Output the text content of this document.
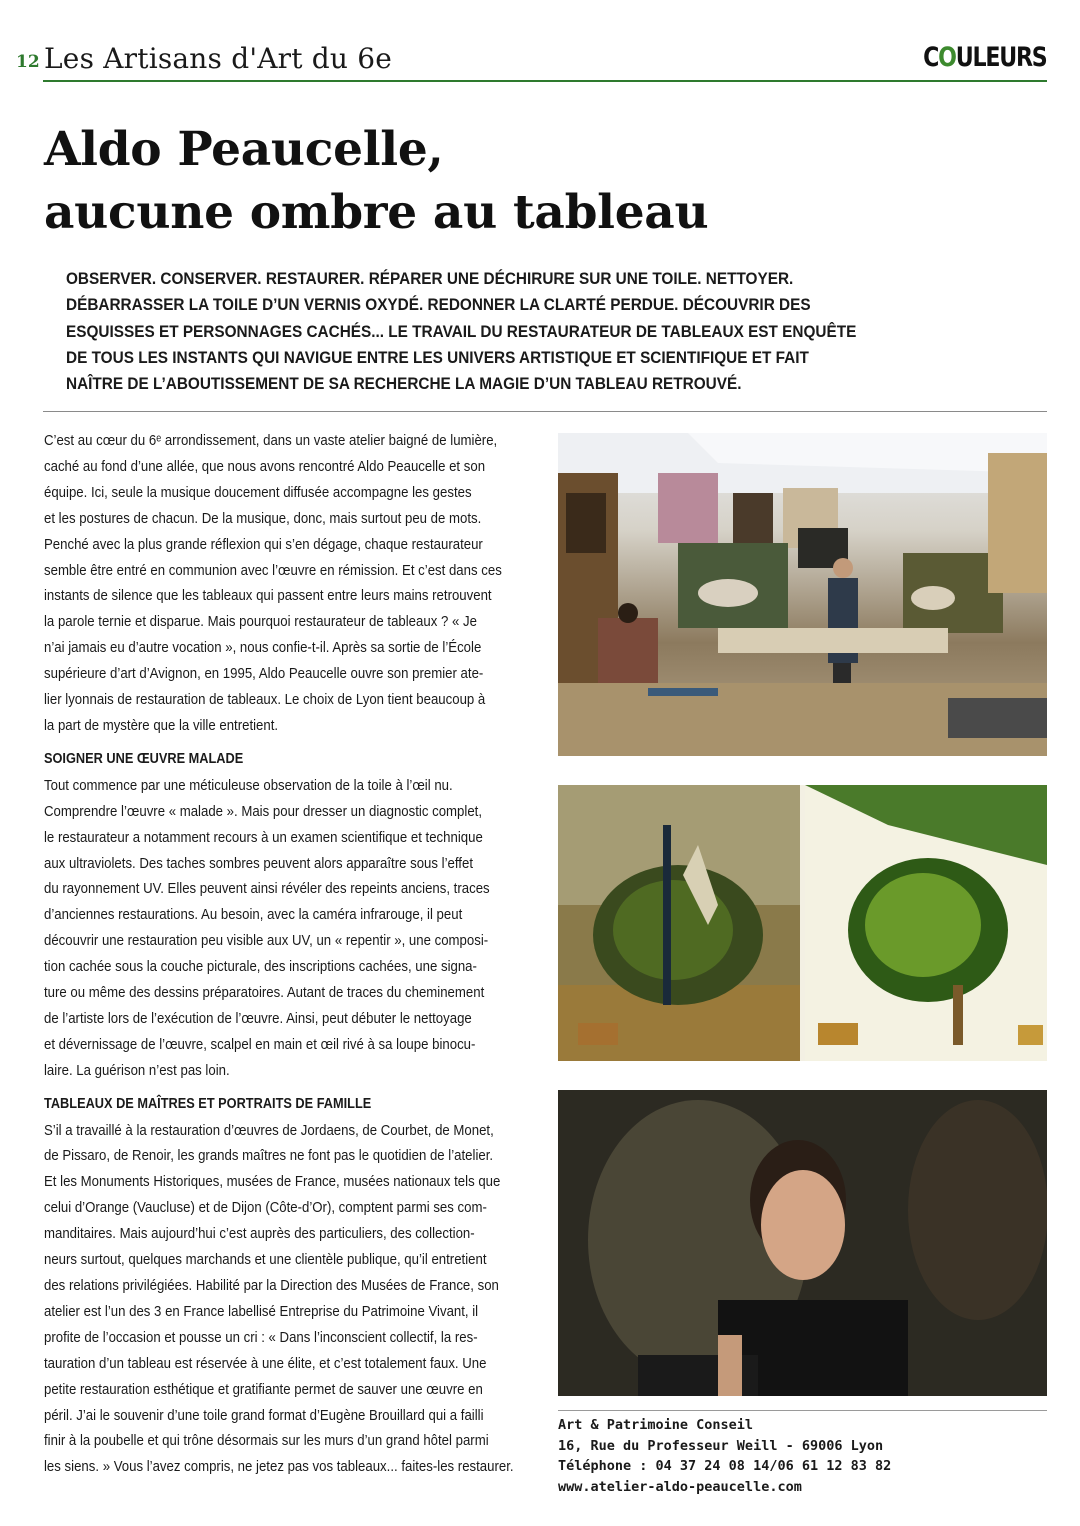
12 Les Artisans d'Art du 6e	COULEURS
Aldo Peaucelle,
aucune ombre au tableau

OBSERVER. CONSERVER. RESTAURER. RÉPARER UNE DÉCHIRURE SUR UNE TOILE. NETTOYER.
DÉBARRASSER LA TOILE D’UN VERNIS OXYDÉ. REDONNER LA CLARTÉ PERDUE. DÉCOUVRIR DES
ESQUISSES ET PERSONNAGES CACHÉS... LE TRAVAIL DU RESTAURATEUR DE TABLEAUX EST ENQUÊTE
DE TOUS LES INSTANTS QUI NAVIGUE ENTRE LES UNIVERS ARTISTIQUE ET SCIENTIFIQUE ET FAIT
NAÎTRE DE L’ABOUTISSEMENT DE SA RECHERCHE LA MAGIE D’UN TABLEAU RETROUVÉ.

C’est au cœur du 6ᵉ arrondissement, dans un vaste atelier baigné de lumière,
caché au fond d’une allée, que nous avons rencontré Aldo Peaucelle et son
équipe. Ici, seule la musique doucement diffusée accompagne les gestes
et les postures de chacun. De la musique, donc, mais surtout peu de mots.
Penché avec la plus grande réflexion qui s’en dégage, chaque restaurateur
semble être entré en communion avec l’œuvre en rémission. Et c’est dans ces
instants de silence que les tableaux qui passent entre leurs mains retrouvent
la parole ternie et disparue. Mais pourquoi restaurateur de tableaux ? « Je
n’ai jamais eu d’autre vocation », nous confie-t-il. Après sa sortie de l’École
supérieure d’art d’Avignon, en 1995, Aldo Peaucelle ouvre son premier ate-
lier lyonnais de restauration de tableaux. Le choix de Lyon tient beaucoup à
la part de mystère que la ville entretient.
SOIGNER UNE ŒUVRE MALADE
Tout commence par une méticuleuse observation de la toile à l’œil nu.
Comprendre l’œuvre « malade ». Mais pour dresser un diagnostic complet,
le restaurateur a notamment recours à un examen scientifique et technique
aux ultraviolets. Des taches sombres peuvent alors apparaître sous l’effet
du rayonnement UV. Elles peuvent ainsi révéler des repeints anciens, traces
d’anciennes restaurations. Au besoin, avec la caméra infrarouge, il peut
découvrir une restauration peu visible aux UV, un « repentir », une composi-
tion cachée sous la couche picturale, des inscriptions cachées, une signa-
ture ou même des dessins préparatoires. Autant de traces du cheminement
de l’artiste lors de l’exécution de l’œuvre. Ainsi, peut débuter le nettoyage
et dévernissage de l’œuvre, scalpel en main et œil rivé à sa loupe binocu-
laire. La guérison n’est pas loin.
TABLEAUX DE MAÎTRES ET PORTRAITS DE FAMILLE
S’il a travaillé à la restauration d’œuvres de Jordaens, de Courbet, de Monet,
de Pissaro, de Renoir, les grands maîtres ne font pas le quotidien de l’atelier.
Et les Monuments Historiques, musées de France, musées nationaux tels que
celui d’Orange (Vaucluse) et de Dijon (Côte-d’Or), comptent parmi ses com-
manditaires. Mais aujourd’hui c’est auprès des particuliers, des collection-
neurs surtout, quelques marchands et une clientèle publique, qu’il entretient
des relations privilégiées. Habilité par la Direction des Musées de France, son
atelier est l’un des 3 en France labellisé Entreprise du Patrimoine Vivant, il
profite de l’occasion et pousse un cri : « Dans l’inconscient collectif, la res-
tauration d’un tableau est réservée à une élite, et c’est totalement faux. Une
petite restauration esthétique et gratifiante permet de sauver une œuvre en
péril. J’ai le souvenir d’une toile grand format d’Eugène Brouillard qui a failli
finir à la poubelle et qui trône désormais sur les murs d’un grand hôtel parmi
les siens. » Vous l’avez compris, ne jetez pas vos tableaux... faites-les restaurer.
Art & Patrimoine Conseil
16, Rue du Professeur Weill - 69006 Lyon
Téléphone : 04 37 24 08 14/06 61 12 83 82
www.atelier-aldo-peaucelle.com
